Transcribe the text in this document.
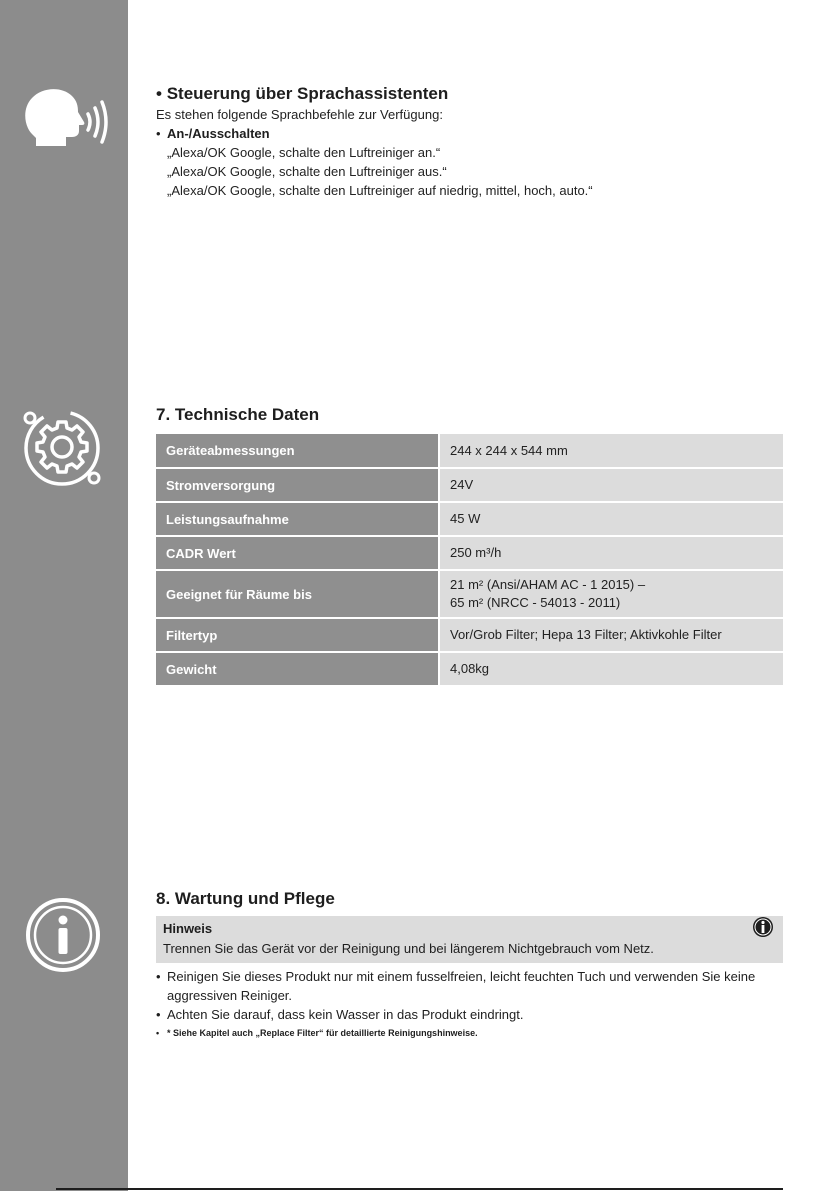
• Steuerung über Sprachassistenten
Es stehen folgende Sprachbefehle zur Verfügung:
• An-/Ausschalten
„Alexa/OK Google, schalte den Luftreiniger an.“
„Alexa/OK Google, schalte den Luftreiniger aus.“
„Alexa/OK Google, schalte den Luftreiniger auf niedrig, mittel, hoch, auto.“
7. Technische Daten
Geräteabmessungen	244 x 244 x 544 mm
Stromversorgung	24V
Leistungsaufnahme	45 W
CADR Wert	250 m³/h
Geeignet für Räume bis	21 m² (Ansi/AHAM AC - 1 2015) –
65 m² (NRCC - 54013 - 2011)

Filtertyp	Vor/Grob Filter; Hepa 13 Filter; Aktivkohle Filter
Gewicht	4,08kg
8. Wartung und Pflege
Hinweis
Trennen Sie das Gerät vor der Reinigung und bei längerem Nichtgebrauch vom Netz.
• Reinigen Sie dieses Produkt nur mit einem fusselfreien, leicht feuchten Tuch und verwenden Sie keine
aggressiven Reiniger.
• Achten Sie darauf, dass kein Wasser in das Produkt eindringt.
• * Siehe Kapitel auch „Replace Filter“ für detaillierte Reinigungshinweise.
